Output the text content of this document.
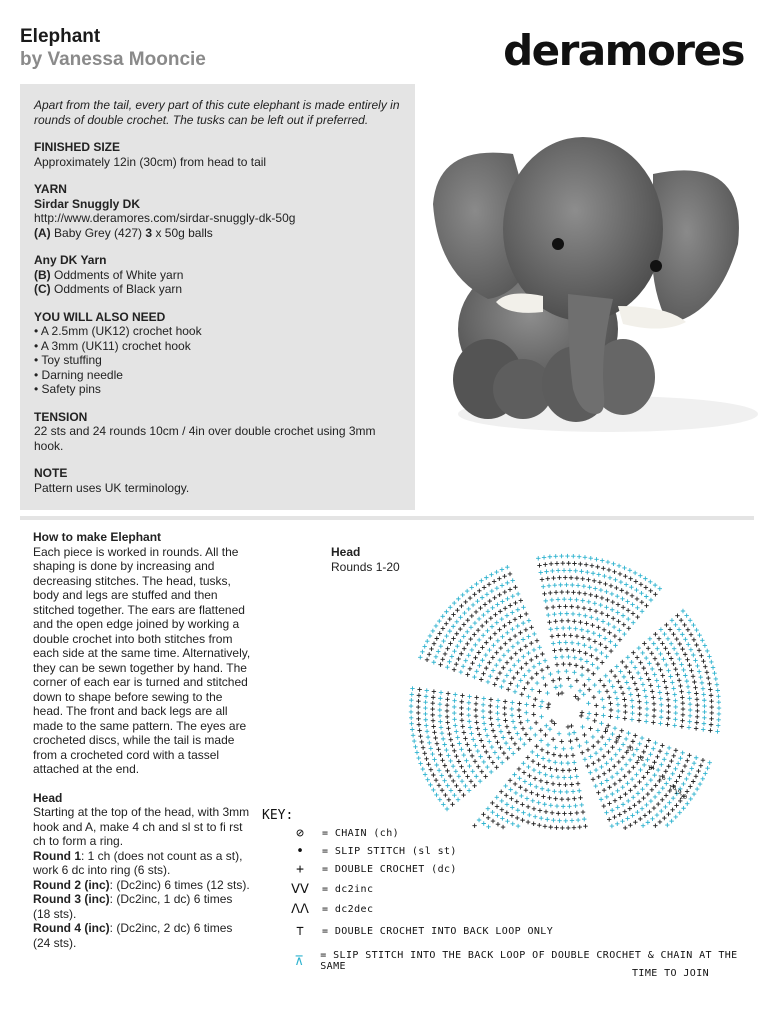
Elephant
by Vanessa Mooncie	deramores

Apart from the tail, every part of this cute elephant is made entirely in rounds of double crochet. The tusks can be left out if preferred.

FINISHED SIZE
Approximately 12in (30cm) from head to tail
YARN
Sirdar Snuggly DK
http://www.deramores.com/sirdar-snuggly-dk-50g
(A) Baby Grey (427) 3 x 50g balls
Any DK Yarn
(B) Oddments of White yarn
(C) Oddments of Black yarn
YOU WILL ALSO NEED
• A 2.5mm (UK12) crochet hook
• A 3mm (UK11) crochet hook
• Toy stuffing
• Darning needle
• Safety pins
TENSION
22 sts and 24 rounds 10cm / 4in over double crochet using 3mm hook.
NOTE
Pattern uses UK terminology.
How to make Elephant
Each piece is worked in rounds. All the shaping is done by increasing and decreasing stitches. The head, tusks, body and legs are stuffed and then stitched together. The ears are flattened and the open edge joined by working a double crochet into both stitches from each side at the same time. Alternatively, they can be sewn together by hand. The corner of each ear is turned and stitched down to shape before sewing to the head. The front and back legs are all made to the same pattern. The eyes are crocheted discs, while the tail is made from a crocheted cord with a tassel attached at the end.
Head
Starting at the top of the head, with 3mm hook and A, make 4 ch and sl st to fi rst ch to form a ring.
Round 1: 1 ch (does not count as a st), work 6 dc into ring (6 sts).
Round 2 (inc): (Dc2inc) 6 times (12 sts).
Round 3 (inc): (Dc2inc, 1 dc) 6 times (18 sts).
Round 4 (inc): (Dc2inc, 2 dc) 6 times (24 sts).
Head
Rounds 1-20
6
8
10
12
14
16
18
19
20
KEY:
⊘	= CHAIN (ch)
•	= SLIP STITCH (sl st)
+	= DOUBLE CROCHET (dc)
ᐯᐯ	= dc2inc
ᐱᐱ	= dc2dec
⊤	= DOUBLE CROCHET INTO BACK LOOP ONLY
⊼	= SLIP STITCH INTO THE BACK LOOP OF DOUBLE CROCHET & CHAIN AT THE SAME
TIME TO JOIN
